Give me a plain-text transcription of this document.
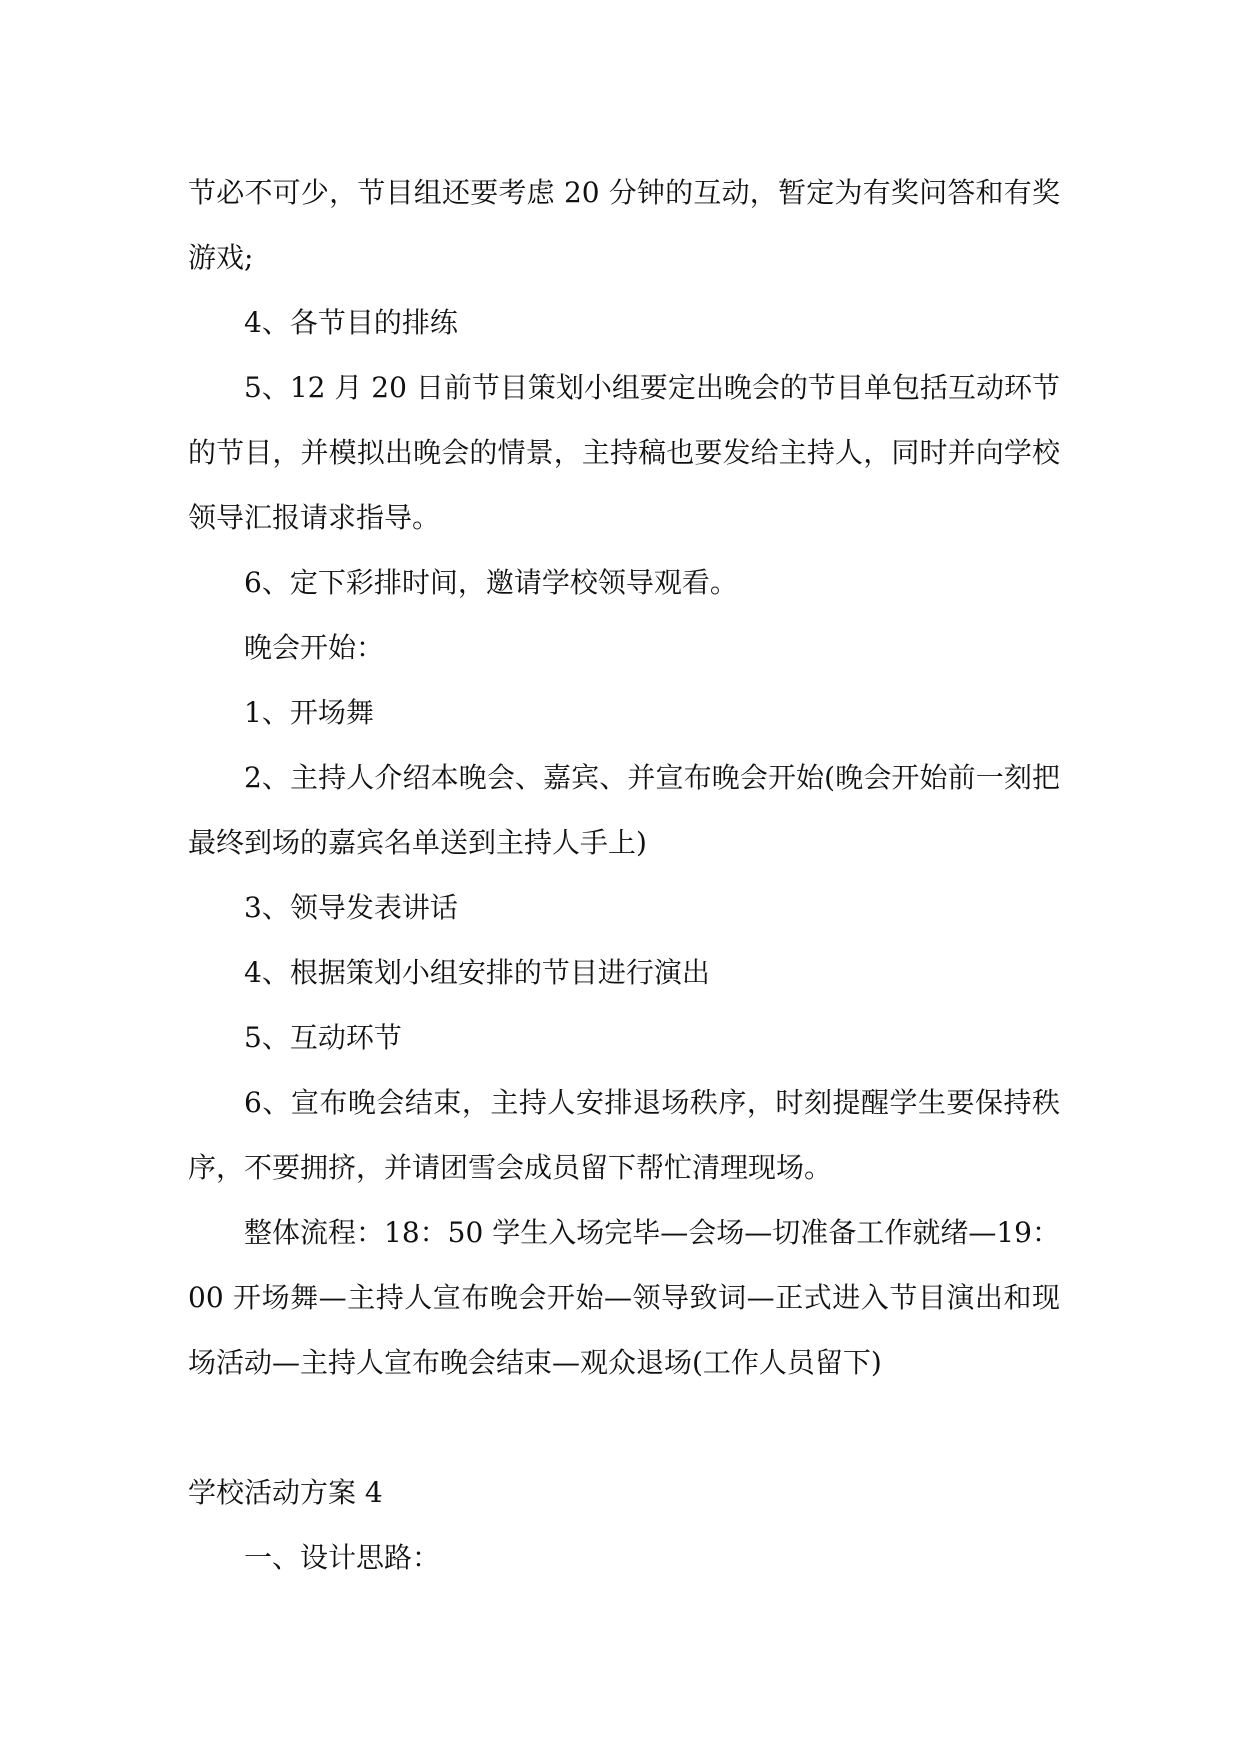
节必不可少，节目组还要考虑 20 分钟的互动，暂定为有奖问答和有奖游戏;

4、各节目的排练

5、12 月 20 日前节目策划小组要定出晚会的节目单包括互动环节的节目，并模拟出晚会的情景，主持稿也要发给主持人，同时并向学校领导汇报请求指导。

6、定下彩排时间，邀请学校领导观看。

晚会开始：

1、开场舞

2、主持人介绍本晚会、嘉宾、并宣布晚会开始(晚会开始前一刻把最终到场的嘉宾名单送到主持人手上)

3、领导发表讲话

4、根据策划小组安排的节目进行演出

5、互动环节

6、宣布晚会结束，主持人安排退场秩序，时刻提醒学生要保持秩序，不要拥挤，并请团雪会成员留下帮忙清理现场。

整体流程：18：50 学生入场完毕—会场—切准备工作就绪—19：00 开场舞—主持人宣布晚会开始—领导致词—正式进入节目演出和现场活动—主持人宣布晚会结束—观众退场(工作人员留下)

学校活动方案 4

一、设计思路：
